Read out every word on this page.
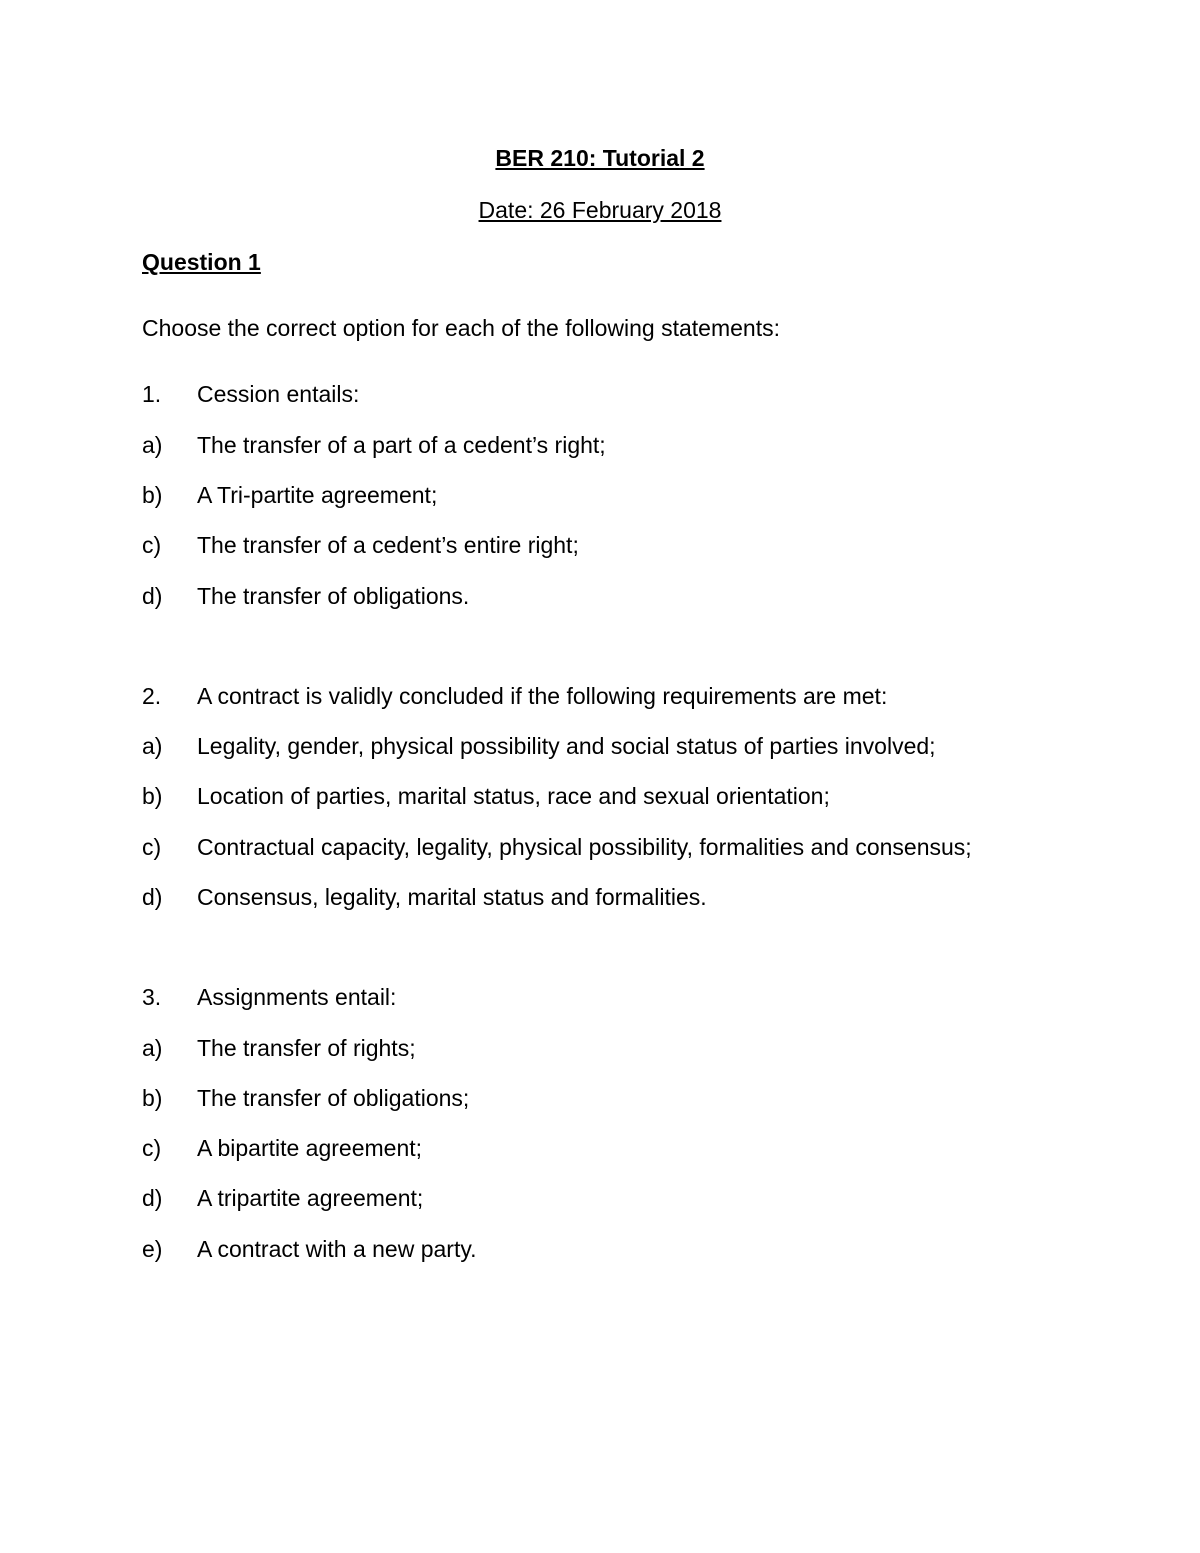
BER 210: Tutorial 2
Date: 26 February 2018
Question 1
Choose the correct option for each of the following statements:
1.	Cession entails:
a)	The transfer of a part of a cedent’s right;
b)	A Tri-partite agreement;
c)	The transfer of a cedent’s entire right;
d)	The transfer of obligations.
2.	A contract is validly concluded if the following requirements are met:
a)	Legality, gender, physical possibility and social status of parties involved;
b)	Location of parties, marital status, race and sexual orientation;
c)	Contractual capacity, legality, physical possibility, formalities and consensus;
d)	Consensus, legality, marital status and formalities.
3.	Assignments entail:
a)	The transfer of rights;
b)	The transfer of obligations;
c)	A bipartite agreement;
d)	A tripartite agreement;
e)	A contract with a new party.
